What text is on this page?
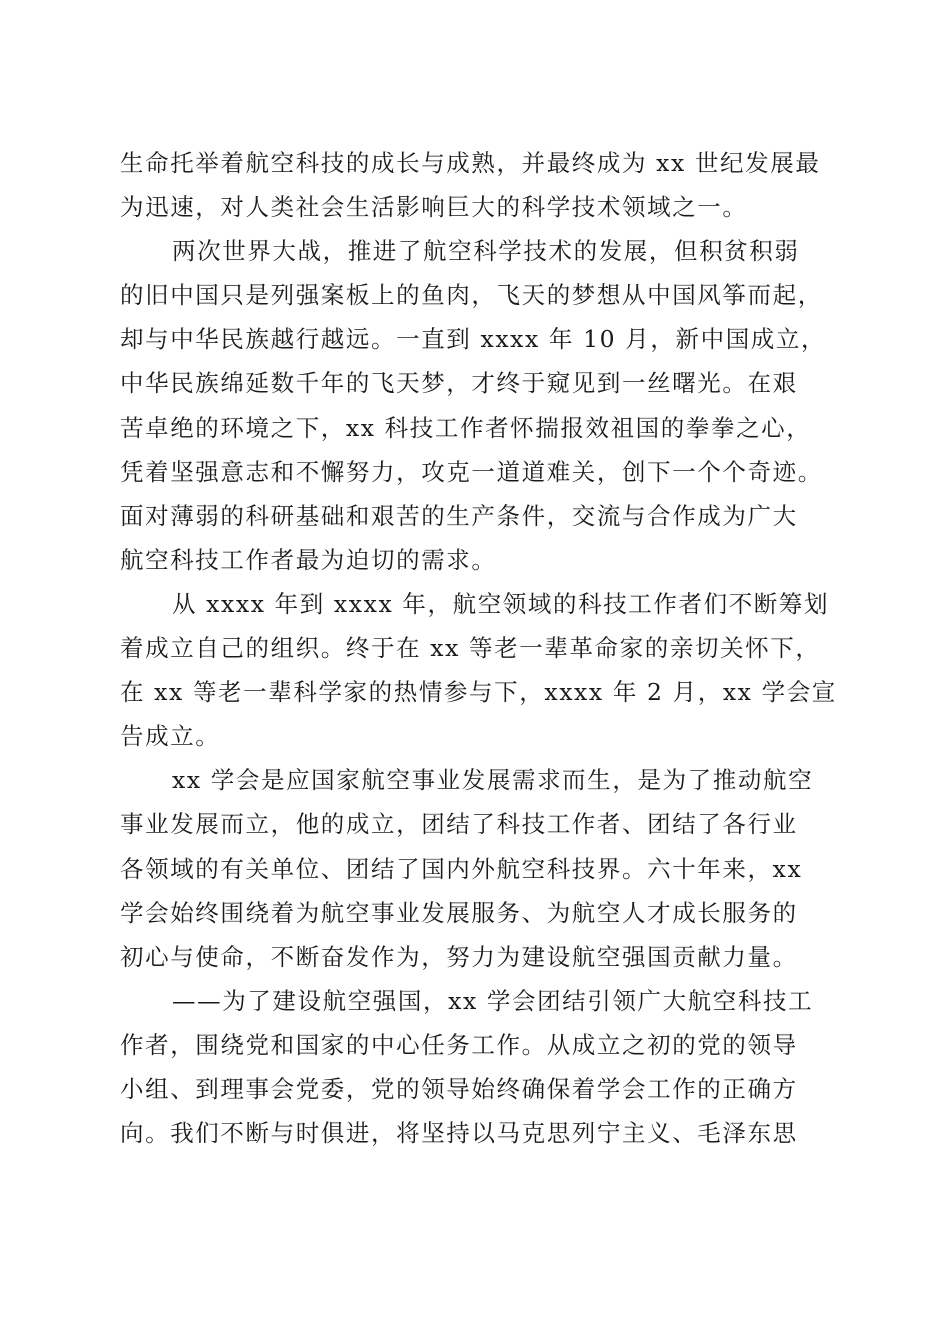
生命托举着航空科技的成长与成熟，并最终成为 xx 世纪发展最
为迅速，对人类社会生活影响巨大的科学技术领域之一。
两次世界大战，推进了航空科学技术的发展，但积贫积弱
的旧中国只是列强案板上的鱼肉，飞天的梦想从中国风筝而起，
却与中华民族越行越远。一直到 xxxx 年 10 月，新中国成立，
中华民族绵延数千年的飞天梦，才终于窥见到一丝曙光。在艰
苦卓绝的环境之下，xx 科技工作者怀揣报效祖国的拳拳之心，
凭着坚强意志和不懈努力，攻克一道道难关，创下一个个奇迹。
面对薄弱的科研基础和艰苦的生产条件，交流与合作成为广大
航空科技工作者最为迫切的需求。
从 xxxx 年到 xxxx 年，航空领域的科技工作者们不断筹划
着成立自己的组织。终于在 xx 等老一辈革命家的亲切关怀下，
在 xx 等老一辈科学家的热情参与下，xxxx 年 2 月，xx 学会宣
告成立。
xx 学会是应国家航空事业发展需求而生，是为了推动航空
事业发展而立，他的成立，团结了科技工作者、团结了各行业
各领域的有关单位、团结了国内外航空科技界。六十年来，xx
学会始终围绕着为航空事业发展服务、为航空人才成长服务的
初心与使命，不断奋发作为，努力为建设航空强国贡献力量。
——为了建设航空强国，xx 学会团结引领广大航空科技工
作者，围绕党和国家的中心任务工作。从成立之初的党的领导
小组、到理事会党委，党的领导始终确保着学会工作的正确方
向。我们不断与时俱进，将坚持以马克思列宁主义、毛泽东思
